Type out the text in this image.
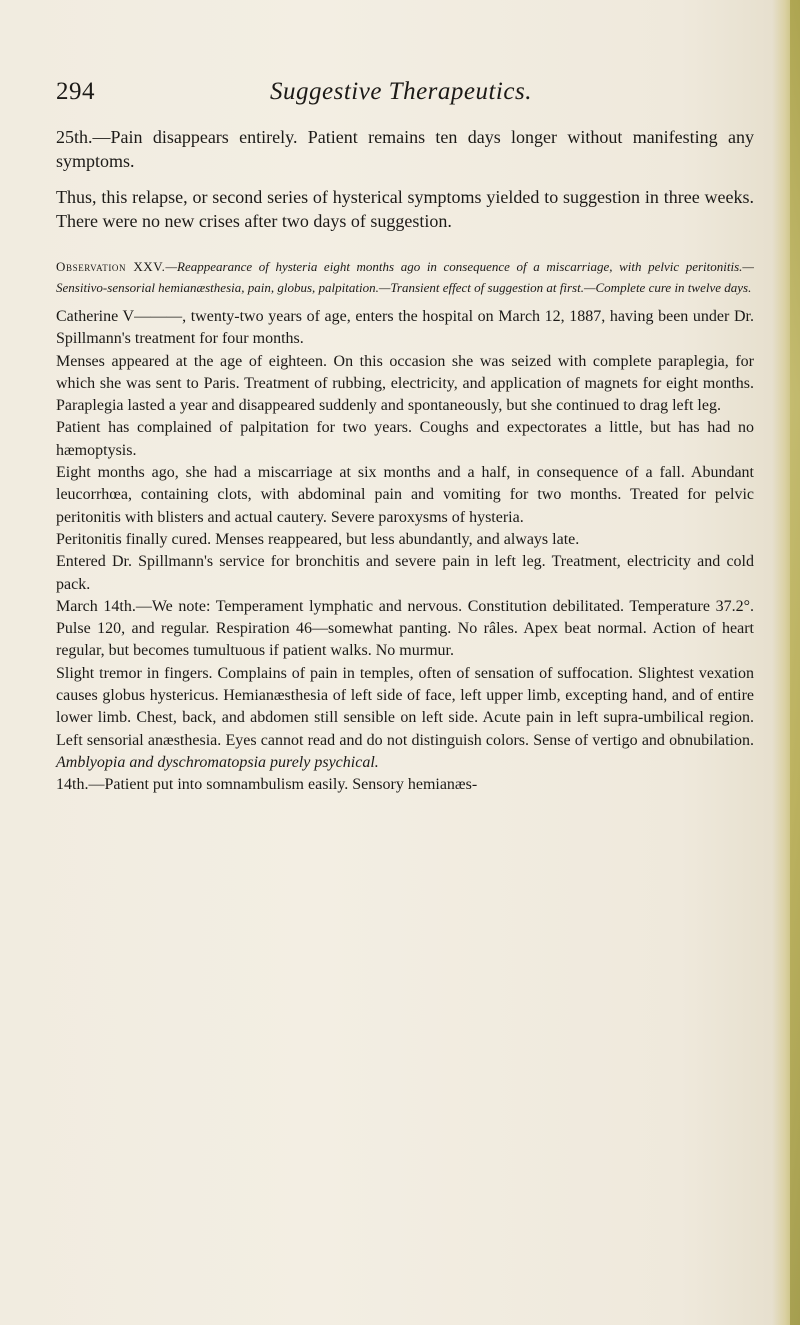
294	Suggestive Therapeutics.

25th.—Pain disappears entirely. Patient remains ten days longer without manifesting any symptoms.

Thus, this relapse, or second series of hysterical symptoms yielded to suggestion in three weeks. There were no new crises after two days of suggestion.

Observation XXV.—Reappearance of hysteria eight months ago in consequence of a miscarriage, with pelvic peritonitis.—Sensitivo-sensorial hemianæsthesia, pain, globus, palpitation.—Transient effect of suggestion at first.—Complete cure in twelve days.

Catherine V———, twenty-two years of age, enters the hospital on March 12, 1887, having been under Dr. Spillmann's treatment for four months.

Menses appeared at the age of eighteen. On this occasion she was seized with complete paraplegia, for which she was sent to Paris. Treatment of rubbing, electricity, and application of magnets for eight months. Paraplegia lasted a year and disappeared suddenly and spontaneously, but she continued to drag left leg.

Patient has complained of palpitation for two years. Coughs and expectorates a little, but has had no hæmoptysis.

Eight months ago, she had a miscarriage at six months and a half, in consequence of a fall. Abundant leucorrhœa, containing clots, with abdominal pain and vomiting for two months. Treated for pelvic peritonitis with blisters and actual cautery. Severe paroxysms of hysteria.

Peritonitis finally cured. Menses reappeared, but less abundantly, and always late.

Entered Dr. Spillmann's service for bronchitis and severe pain in left leg. Treatment, electricity and cold pack.

March 14th.—We note: Temperament lymphatic and nervous. Constitution debilitated. Temperature 37.2°. Pulse 120, and regular. Respiration 46—somewhat panting. No râles. Apex beat normal. Action of heart regular, but becomes tumultuous if patient walks. No murmur.

Slight tremor in fingers. Complains of pain in temples, often of sensation of suffocation. Slightest vexation causes globus hystericus. Hemianæsthesia of left side of face, left upper limb, excepting hand, and of entire lower limb. Chest, back, and abdomen still sensible on left side. Acute pain in left supra-umbilical region. Left sensorial anæsthesia. Eyes cannot read and do not distinguish colors. Sense of vertigo and obnubilation. Amblyopia and dyschromatopsia purely psychical.

14th.—Patient put into somnambulism easily. Sensory hemianæs-
